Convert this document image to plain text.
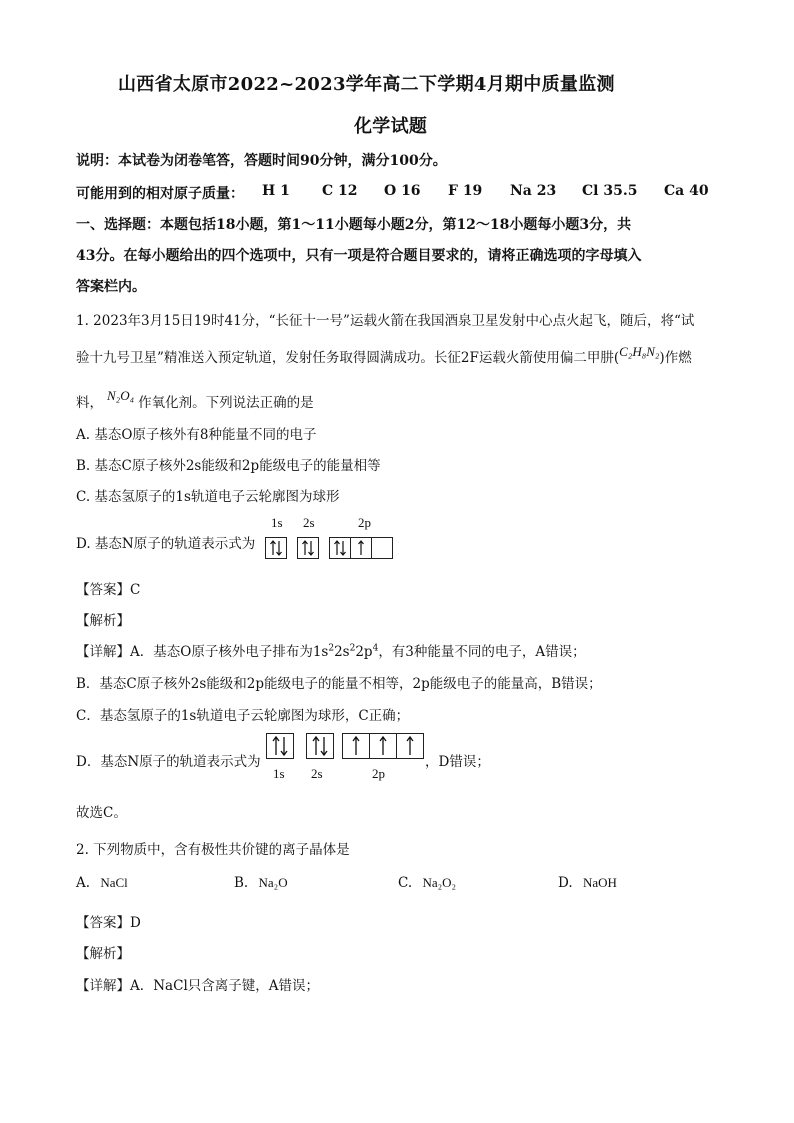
山西省太原市2022~2023学年高二下学期4月期中质量监测
化学试题
说明：本试卷为闭卷笔答，答题时间90分钟，满分100分。
可能用到的相对原子质量： H 1 C 12 O 16 F 19 Na 23 Cl 35.5 Ca 40
一、选择题：本题包括18小题，第1～11小题每小题2分，第12～18小题每小题3分，共
43分。在每小题给出的四个选项中，只有一项是符合题目要求的，请将正确选项的字母填入
答案栏内。
1. 2023年3月15日19时41分，“长征十一号”运载火箭在我国酒泉卫星发射中心点火起飞，随后，将“试
验十九号卫星”精准送入预定轨道，发射任务取得圆满成功。长征2F运载火箭使用偏二甲肼(C₂H₈N₂)作燃
料， N₂O₄ 作氧化剂。下列说法正确的是
A. 基态O原子核外有8种能量不同的电子
B. 基态C原子核外2s能级和2p能级电子的能量相等
C. 基态氢原子的1s轨道电子云轮廓图为球形
D. 基态N原子的轨道表示式为
1s 2s	2p
【答案】C
【解析】
【详解】A．基态O原子核外电子排布为$1s^22s^22p^4$，有3种能量不同的电子，A错误；
B．基态C原子核外2s能级和2p能级电子的能量不相等，2p能级电子的能量高，B错误；
C．基态氢原子的1s轨道电子云轮廓图为球形，C正确；
D．基态N原子的轨道表示式为
1s 2s	2p
，D错误；
故选C。
2. 下列物质中，含有极性共价键的离子晶体是
A. NaCl	B. Na₂O	C. Na₂O₂	D. NaOH
【答案】D
【解析】
【详解】A．NaCl只含离子键，A错误；
